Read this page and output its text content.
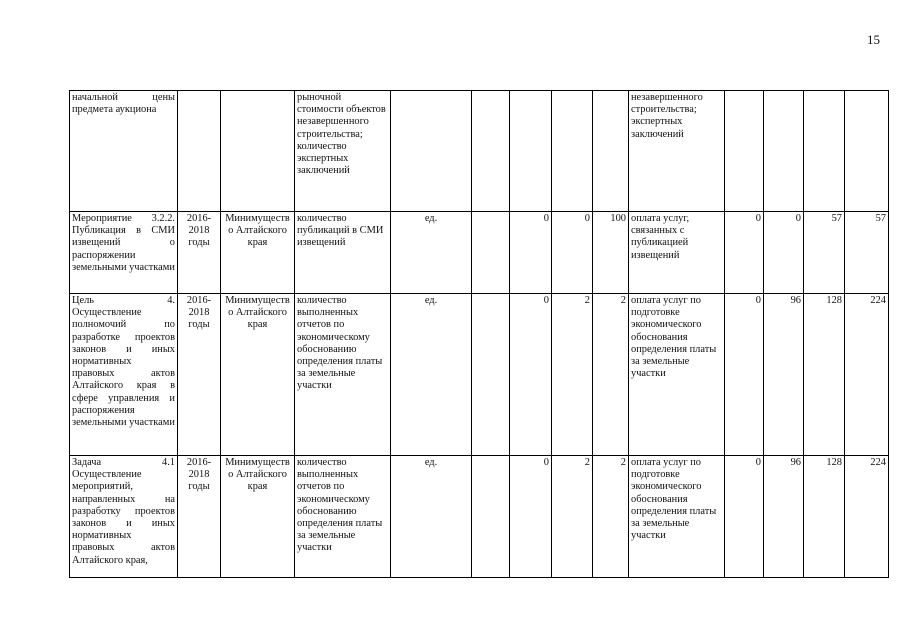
15
начальной цены предмета аукциона			рыночной стоимости объектов незавершенного строительства; количество экспертных заключений						незавершенного строительства; экспертных заключений				
Мероприятие 3.2.2. Публикация в СМИ извещений о распоряжении земельными участками	2016-2018 годы	Минимущество Алтайского края	количество публикаций в СМИ извещений	ед.		0	0	100	оплата услуг, связанных с публикацией извещений	0	0	57	57
Цель 4. Осуществление полномочий по разработке проектов законов и иных нормативных правовых актов Алтайского края в сфере управления и распоряжения земельными участками	2016-2018 годы	Минимущество Алтайского края	количество выполненных отчетов по экономическому обоснованию определения платы за земельные участки	ед.		0	2	2	оплата услуг по подготовке экономического обоснования определения платы за земельные участки	0	96	128	224
Задача 4.1 Осуществление мероприятий, направленных на разработку проектов законов и иных нормативных правовых актов Алтайского края,	2016-2018 годы	Минимущество Алтайского края	количество выполненных отчетов по экономическому обоснованию определения платы за земельные участки	ед.		0	2	2	оплата услуг по подготовке экономического обоснования определения платы за земельные участки	0	96	128	224
